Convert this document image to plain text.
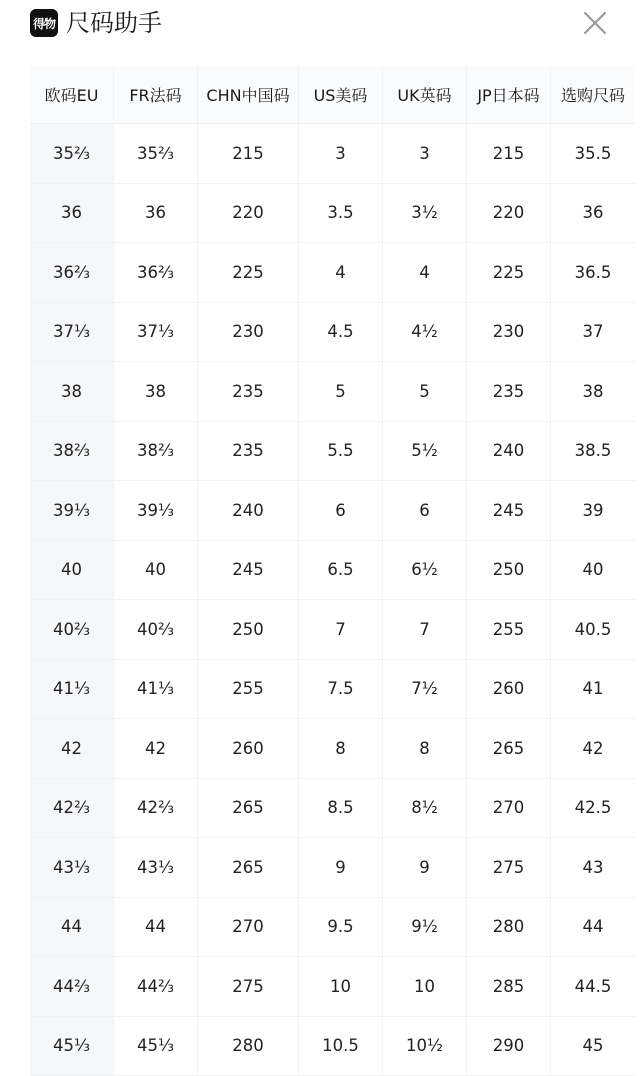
得物 尺码助手
欧码EU	FR法码	CHN中国码	US美码	UK英码	JP日本码	选购尺码
35⅔	35⅔	215	3	3	215	35.5
36	36	220	3.5	3½	220	36
36⅔	36⅔	225	4	4	225	36.5
37⅓	37⅓	230	4.5	4½	230	37
38	38	235	5	5	235	38
38⅔	38⅔	235	5.5	5½	240	38.5
39⅓	39⅓	240	6	6	245	39
40	40	245	6.5	6½	250	40
40⅔	40⅔	250	7	7	255	40.5
41⅓	41⅓	255	7.5	7½	260	41
42	42	260	8	8	265	42
42⅔	42⅔	265	8.5	8½	270	42.5
43⅓	43⅓	265	9	9	275	43
44	44	270	9.5	9½	280	44
44⅔	44⅔	275	10	10	285	44.5
45⅓	45⅓	280	10.5	10½	290	45
